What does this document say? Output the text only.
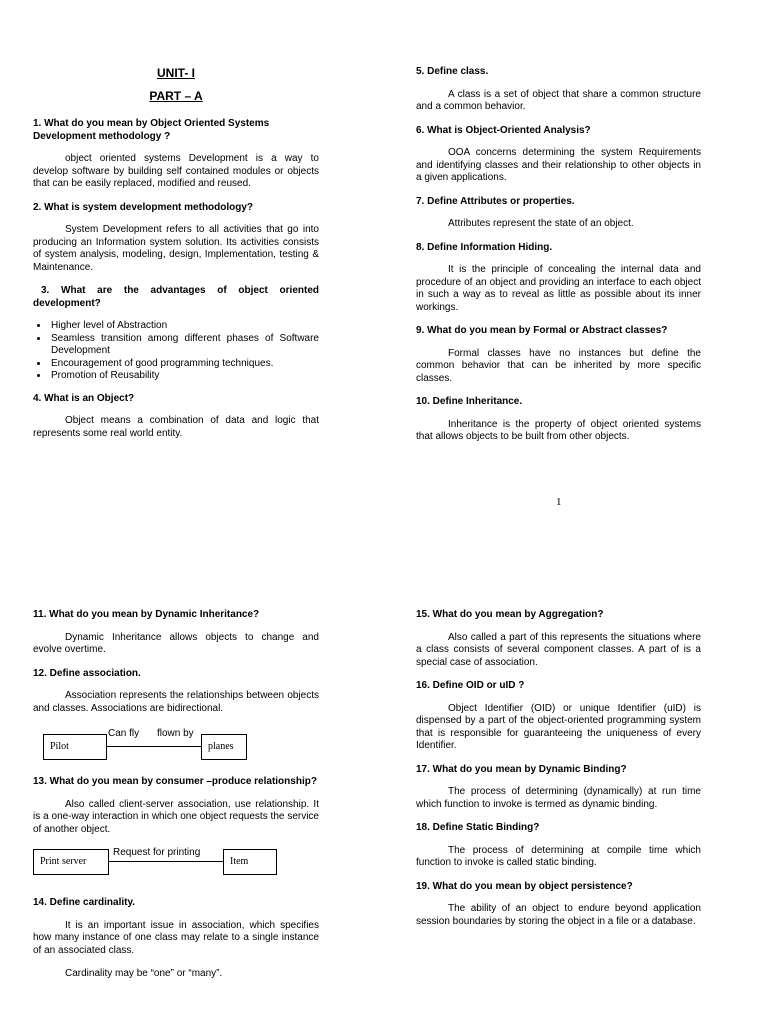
UNIT- I
PART – A
1. What do you mean by Object Oriented Systems Development methodology ?
object oriented systems Development is a way to develop software by building self contained modules or objects that can be easily replaced, modified and reused.
2. What is system development methodology?
System Development refers to all activities that go into producing an Information system solution. Its activities consists of system analysis, modeling, design, Implementation, testing & Maintenance.
3. What are the advantages of object oriented development?
• Higher level of Abstraction
• Seamless transition among different phases of Software Development
• Encouragement of good programming techniques.
• Promotion of Reusability
4. What is an Object?
Object means a combination of data and logic that represents some real world entity.
5. Define class.
A class is a set of object that share a common structure and a common behavior.
6. What is Object-Oriented Analysis?
OOA concerns determining the system Requirements and identifying classes and their relationship to other objects in a given applications.
7. Define Attributes or properties.
Attributes represent the state of an object.
8. Define Information Hiding.
It is the principle of concealing the internal data and procedure of an object and providing an interface to each object in such a way as to reveal as little as possible about its inner workings.
9. What do you mean by Formal or Abstract classes?
Formal classes have no instances but define the common behavior that can be inherited by more specific classes.
10. Define Inheritance.
Inheritance is the property of object oriented systems that allows objects to be built from other objects.
1
11. What do you mean by Dynamic Inheritance?
Dynamic Inheritance allows objects to change and evolve overtime.
12. Define association.
Association represents the relationships between objects and classes. Associations are bidirectional.
Pilot
Can fly flown by
planes
13. What do you mean by consumer –produce relationship?
Also called client-server association, use relationship. It is a one-way interaction in which one object requests the service of another object.
Print server
Request for printing
Item
14. Define cardinality.
It is an important issue in association, which specifies how many instance of one class may relate to a single instance of an associated class.
Cardinality may be “one” or “many”.
15. What do you mean by Aggregation?
Also called a part of this represents the situations where a class consists of several component classes. A part of is a special case of association.
16. Define OID or uID ?
Object Identifier (OID) or unique Identifier (uID) is dispensed by a part of the object-oriented programming system that is responsible for guaranteeing the uniqueness of every Identifier.
17. What do you mean by Dynamic Binding?
The process of determining (dynamically) at run time which function to invoke is termed as dynamic binding.
18. Define Static Binding?
The process of determining at compile time which function to invoke is called static binding.
19. What do you mean by object persistence?
The ability of an object to endure beyond application session boundaries by storing the object in a file or a database.
